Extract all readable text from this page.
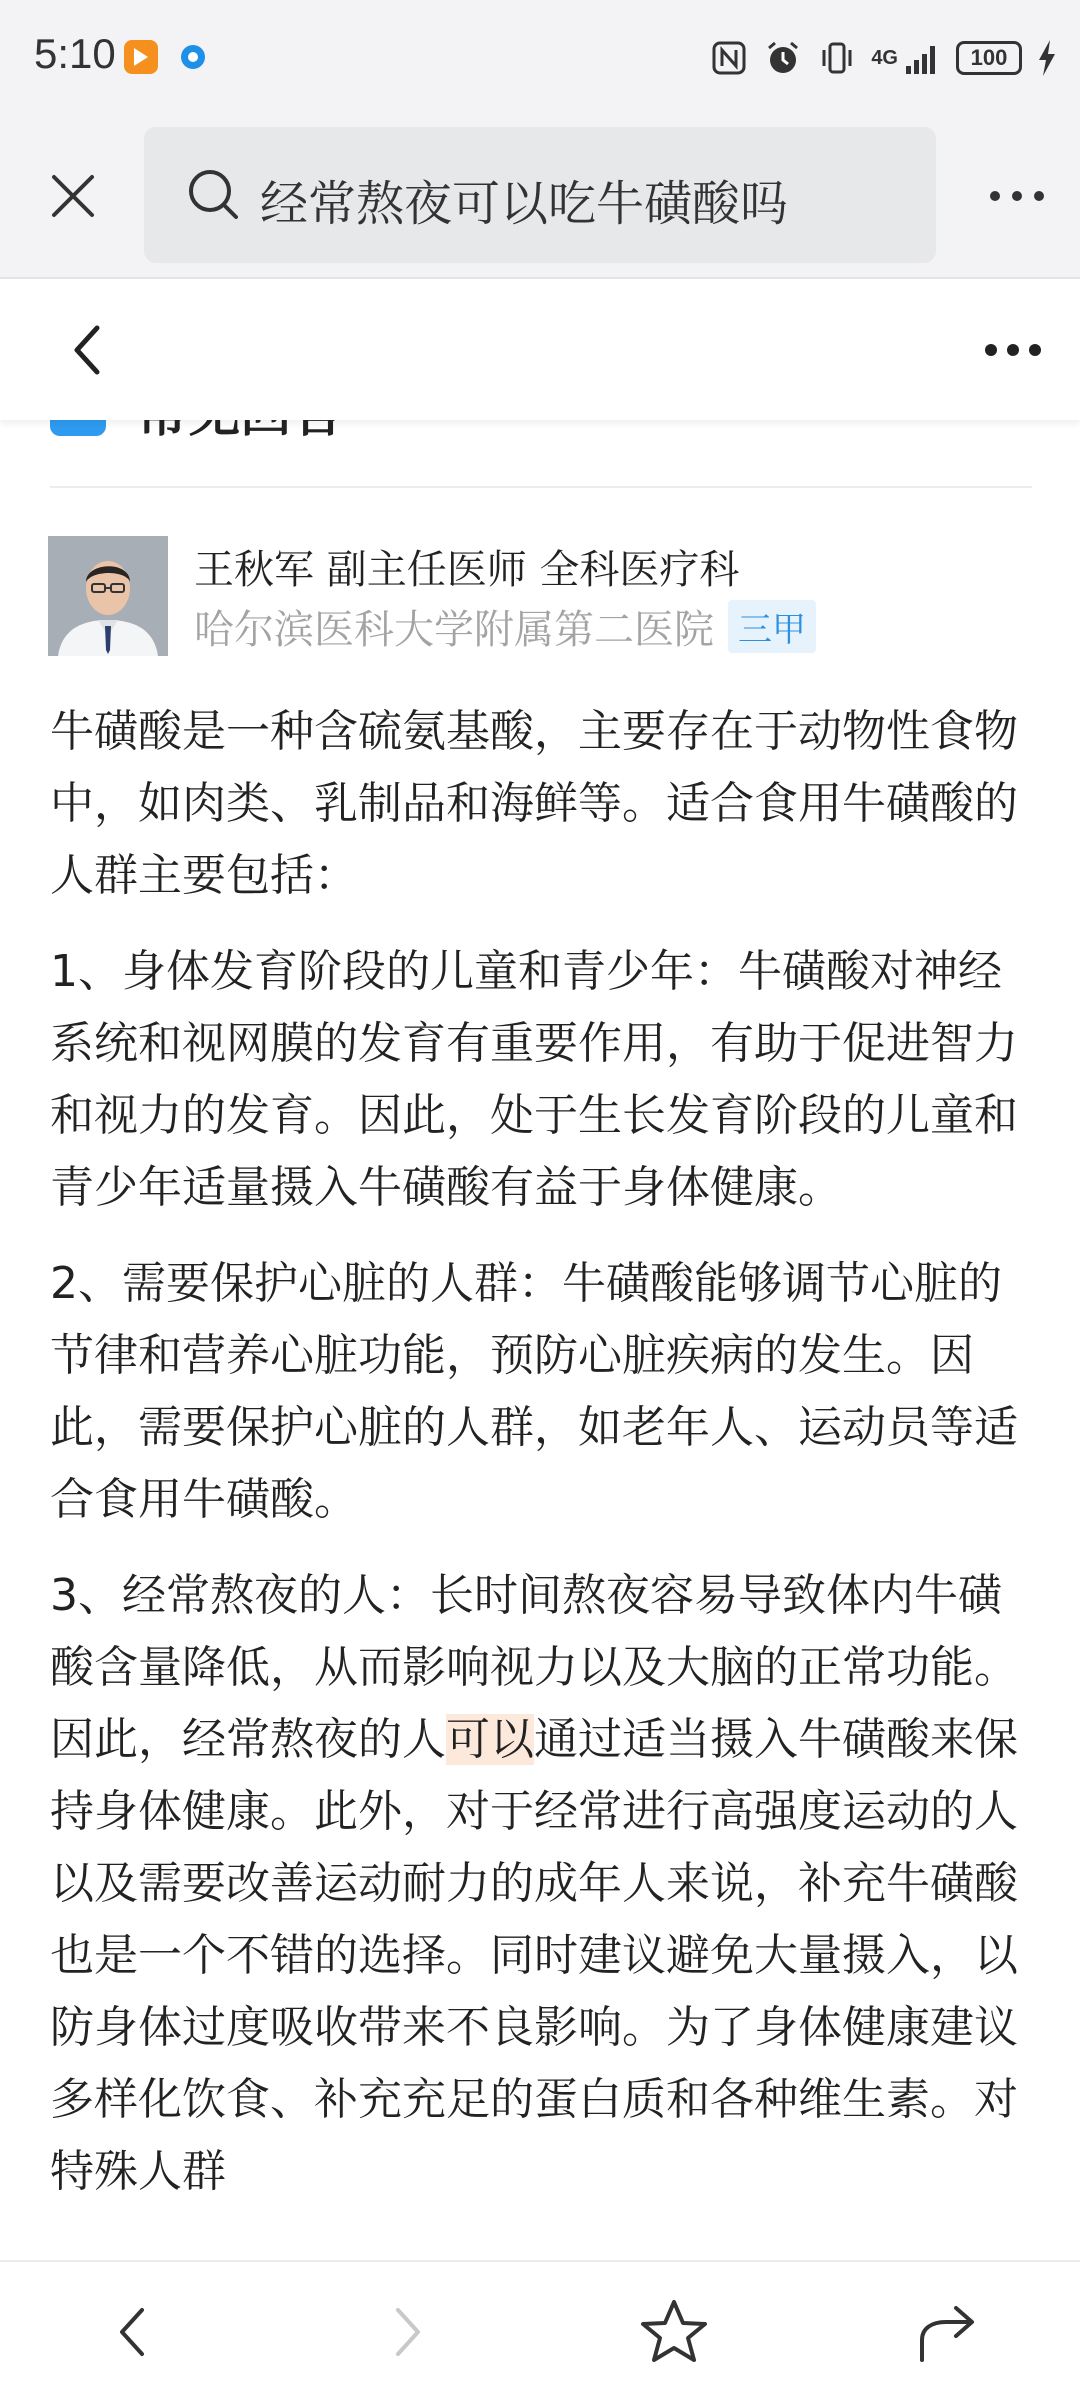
5:10	4G	100
经常熬夜可以吃牛磺酸吗
王秋军 副主任医师 全科医疗科
哈尔滨医科大学附属第二医院 三甲

牛磺酸是一种含硫氨基酸，主要存在于动物性食物中，如肉类、乳制品和海鲜等。适合食用牛磺酸的人群主要包括：

1、身体发育阶段的儿童和青少年：牛磺酸对神经系统和视网膜的发育有重要作用，有助于促进智力和视力的发育。因此，处于生长发育阶段的儿童和青少年适量摄入牛磺酸有益于身体健康。

2、需要保护心脏的人群：牛磺酸能够调节心脏的节律和营养心脏功能，预防心脏疾病的发生。因此，需要保护心脏的人群，如老年人、运动员等适合食用牛磺酸。

3、经常熬夜的人：长时间熬夜容易导致体内牛磺酸含量降低，从而影响视力以及大脑的正常功能。因此，经常熬夜的人可以通过适当摄入牛磺酸来保持身体健康。此外，对于经常进行高强度运动的人以及需要改善运动耐力的成年人来说，补充牛磺酸也是一个不错的选择。同时建议避免大量摄入，以防身体过度吸收带来不良影响。为了身体健康建议多样化饮食、补充充足的蛋白质和各种维生素。对特殊人群
